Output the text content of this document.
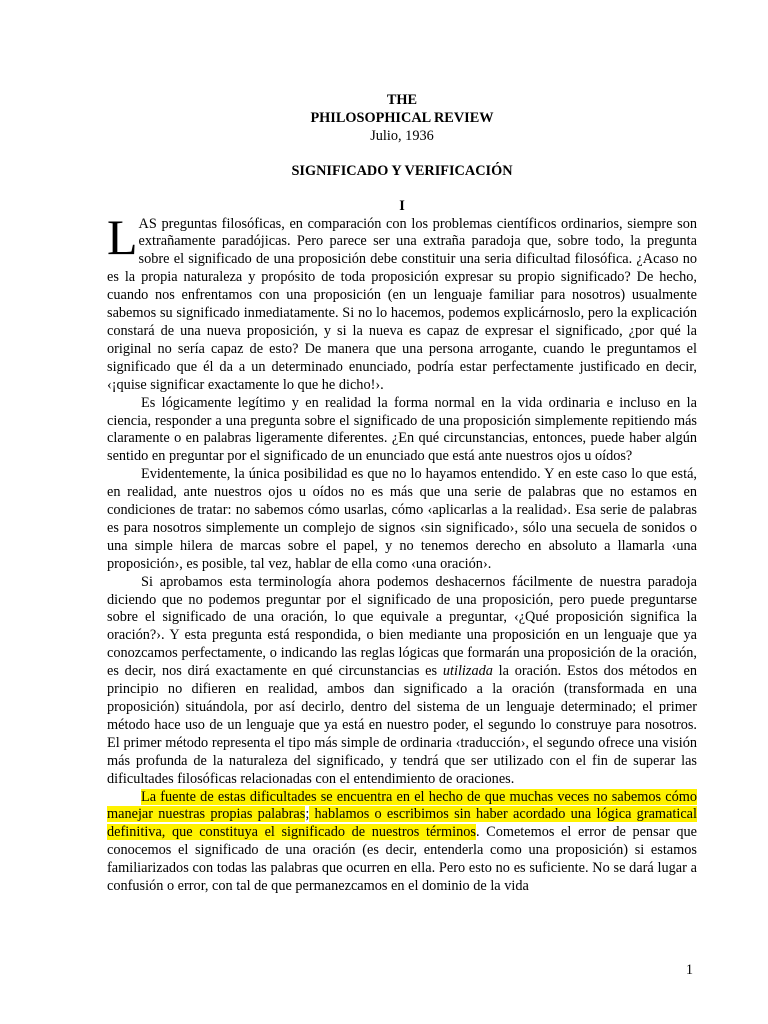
THE
PHILOSOPHICAL REVIEW
Julio, 1936
SIGNIFICADO Y VERIFICACIÓN
I

LAS preguntas filosóficas, en comparación con los problemas científicos ordinarios, siempre son extrañamente paradójicas. Pero parece ser una extraña paradoja que, sobre todo, la pregunta sobre el significado de una proposición debe constituir una seria dificultad filosófica. ¿Acaso no es la propia naturaleza y propósito de toda proposición expresar su propio significado? De hecho, cuando nos enfrentamos con una proposición (en un lenguaje familiar para nosotros) usualmente sabemos su significado inmediatamente. Si no lo hacemos, podemos explicárnoslo, pero la explicación constará de una nueva proposición, y si la nueva es capaz de expresar el significado, ¿por qué la original no sería capaz de esto? De manera que una persona arrogante, cuando le preguntamos el significado que él da a un determinado enunciado, podría estar perfectamente justificado en decir, ‹¡quise significar exactamente lo que he dicho!›.

Es lógicamente legítimo y en realidad la forma normal en la vida ordinaria e incluso en la ciencia, responder a una pregunta sobre el significado de una proposición simplemente repitiendo más claramente o en palabras ligeramente diferentes. ¿En qué circunstancias, entonces, puede haber algún sentido en preguntar por el significado de un enunciado que está ante nuestros ojos u oídos?

Evidentemente, la única posibilidad es que no lo hayamos entendido. Y en este caso lo que está, en realidad, ante nuestros ojos u oídos no es más que una serie de palabras que no estamos en condiciones de tratar: no sabemos cómo usarlas, cómo ‹aplicarlas a la realidad›. Esa serie de palabras es para nosotros simplemente un complejo de signos ‹sin significado›, sólo una secuela de sonidos o una simple hilera de marcas sobre el papel, y no tenemos derecho en absoluto a llamarla ‹una proposición›, es posible, tal vez, hablar de ella como ‹una oración›.

Si aprobamos esta terminología ahora podemos deshacernos fácilmente de nuestra paradoja diciendo que no podemos preguntar por el significado de una proposición, pero puede preguntarse sobre el significado de una oración, lo que equivale a preguntar, ‹¿Qué proposición significa la oración?›. Y esta pregunta está respondida, o bien mediante una proposición en un lenguaje que ya conozcamos perfectamente, o indicando las reglas lógicas que formarán una proposición de la oración, es decir, nos dirá exactamente en qué circunstancias es utilizada la oración. Estos dos métodos en principio no difieren en realidad, ambos dan significado a la oración (transformada en una proposición) situándola, por así decirlo, dentro del sistema de un lenguaje determinado; el primer método hace uso de un lenguaje que ya está en nuestro poder, el segundo lo construye para nosotros. El primer método representa el tipo más simple de ordinaria ‹traducción›, el segundo ofrece una visión más profunda de la naturaleza del significado, y tendrá que ser utilizado con el fin de superar las dificultades filosóficas relacionadas con el entendimiento de oraciones.

La fuente de estas dificultades se encuentra en el hecho de que muchas veces no sabemos cómo manejar nuestras propias palabras; hablamos o escribimos sin haber acordado una lógica gramatical definitiva, que constituya el significado de nuestros términos. Cometemos el error de pensar que conocemos el significado de una oración (es decir, entenderla como una proposición) si estamos familiarizados con todas las palabras que ocurren en ella. Pero esto no es suficiente. No se dará lugar a confusión o error, con tal de que permanezcamos en el dominio de la vida

1
